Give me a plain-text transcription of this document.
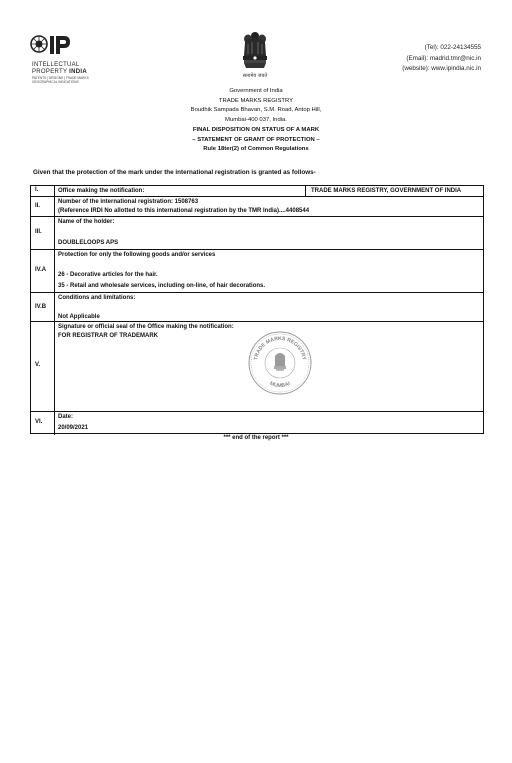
INTELLECTUAL
PROPERTY INDIA
PATENTS | DESIGNS | TRADE MARKS
GEOGRAPHICAL INDICATIONS
सत्यमेव जयते
(Tel): 022-24134555
(Email): madrid.tmr@nic.in
(website): www.ipindia.nic.in
Government of India
TRADE MARKS REGISTRY
Boudhik Sampada Bhavan, S.M. Road, Antop Hill,
Mumbai-400 037, India.
FINAL DISPOSITION ON STATUS OF A MARK
– STATEMENT OF GRANT OF PROTECTION –
Rule 18ter(2) of Common Regulations
Given that the protection of the mark under the international registration is granted as follows-
I.	Office making the notification:	TRADE MARKS REGISTRY, GOVERNMENT OF INDIA
II.
Number of the international registration: 1508763
(Reference IRDI No allotted to this international registration by the TMR India)....4408544
III.
Name of the holder:
DOUBLELOOPS APS
IV.A
Protection for only the following goods and/or services
26 - Decorative articles for the hair.
35 - Retail and wholesale services, including on-line, of hair decorations.
IV.B
Conditions and limitations:
Not Applicable
V.
Signature or official seal of the Office making the notification:
FOR REGISTRAR OF TRADEMARK
TRADE MARKS REGISTRY
MUMBAI
VI.
Date:
20/09/2021
*** end of the report ***
